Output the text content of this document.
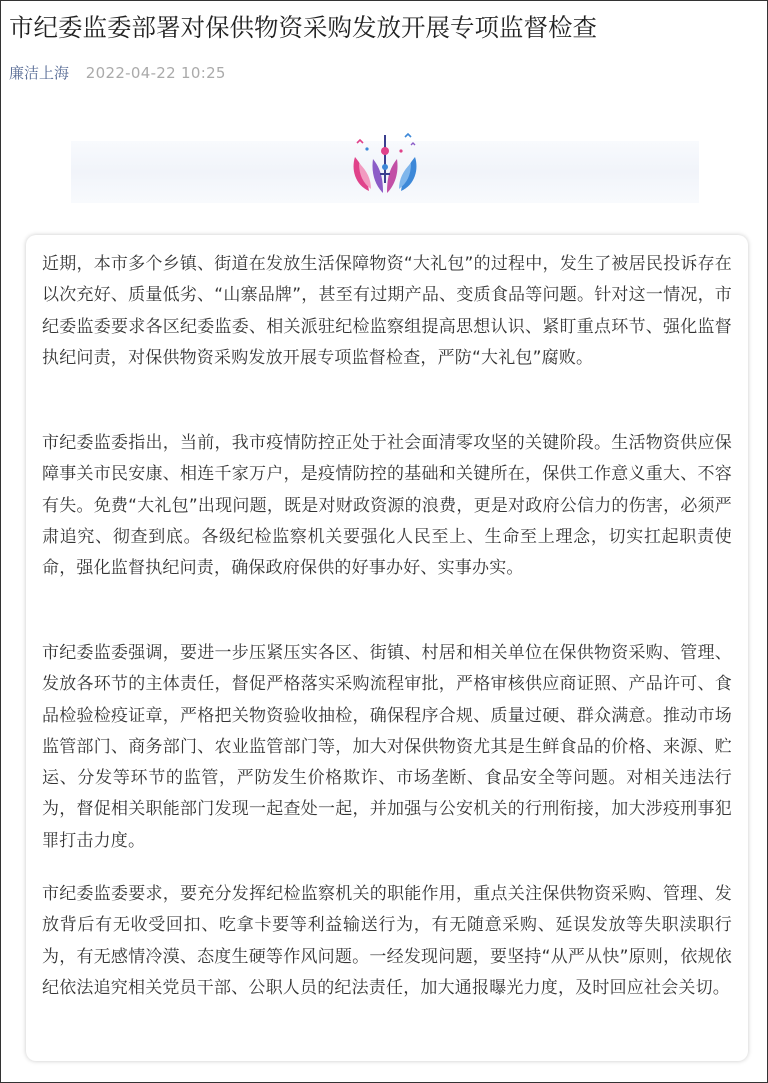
市纪委监委部署对保供物资采购发放开展专项监督检查
廉洁上海 2022-04-22 10:25

近期，本市多个乡镇、街道在发放生活保障物资“大礼包”的过程中，发生了被居民投诉存在以次充好、质量低劣、“山寨品牌”，甚至有过期产品、变质食品等问题。针对这一情况，市纪委监委要求各区纪委监委、相关派驻纪检监察组提高思想认识、紧盯重点环节、强化监督执纪问责，对保供物资采购发放开展专项监督检查，严防“大礼包”腐败。

市纪委监委指出，当前，我市疫情防控正处于社会面清零攻坚的关键阶段。生活物资供应保障事关市民安康、相连千家万户，是疫情防控的基础和关键所在，保供工作意义重大、不容有失。免费“大礼包”出现问题，既是对财政资源的浪费，更是对政府公信力的伤害，必须严肃追究、彻查到底。各级纪检监察机关要强化人民至上、生命至上理念，切实扛起职责使命，强化监督执纪问责，确保政府保供的好事办好、实事办实。

市纪委监委强调，要进一步压紧压实各区、街镇、村居和相关单位在保供物资采购、管理、发放各环节的主体责任，督促严格落实采购流程审批，严格审核供应商证照、产品许可、食品检验检疫证章，严格把关物资验收抽检，确保程序合规、质量过硬、群众满意。推动市场监管部门、商务部门、农业监管部门等，加大对保供物资尤其是生鲜食品的价格、来源、贮运、分发等环节的监管，严防发生价格欺诈、市场垄断、食品安全等问题。对相关违法行为，督促相关职能部门发现一起查处一起，并加强与公安机关的行刑衔接，加大涉疫刑事犯罪打击力度。

市纪委监委要求，要充分发挥纪检监察机关的职能作用，重点关注保供物资采购、管理、发放背后有无收受回扣、吃拿卡要等利益输送行为，有无随意采购、延误发放等失职渎职行为，有无感情冷漠、态度生硬等作风问题。一经发现问题，要坚持“从严从快”原则，依规依纪依法追究相关党员干部、公职人员的纪法责任，加大通报曝光力度，及时回应社会关切。
